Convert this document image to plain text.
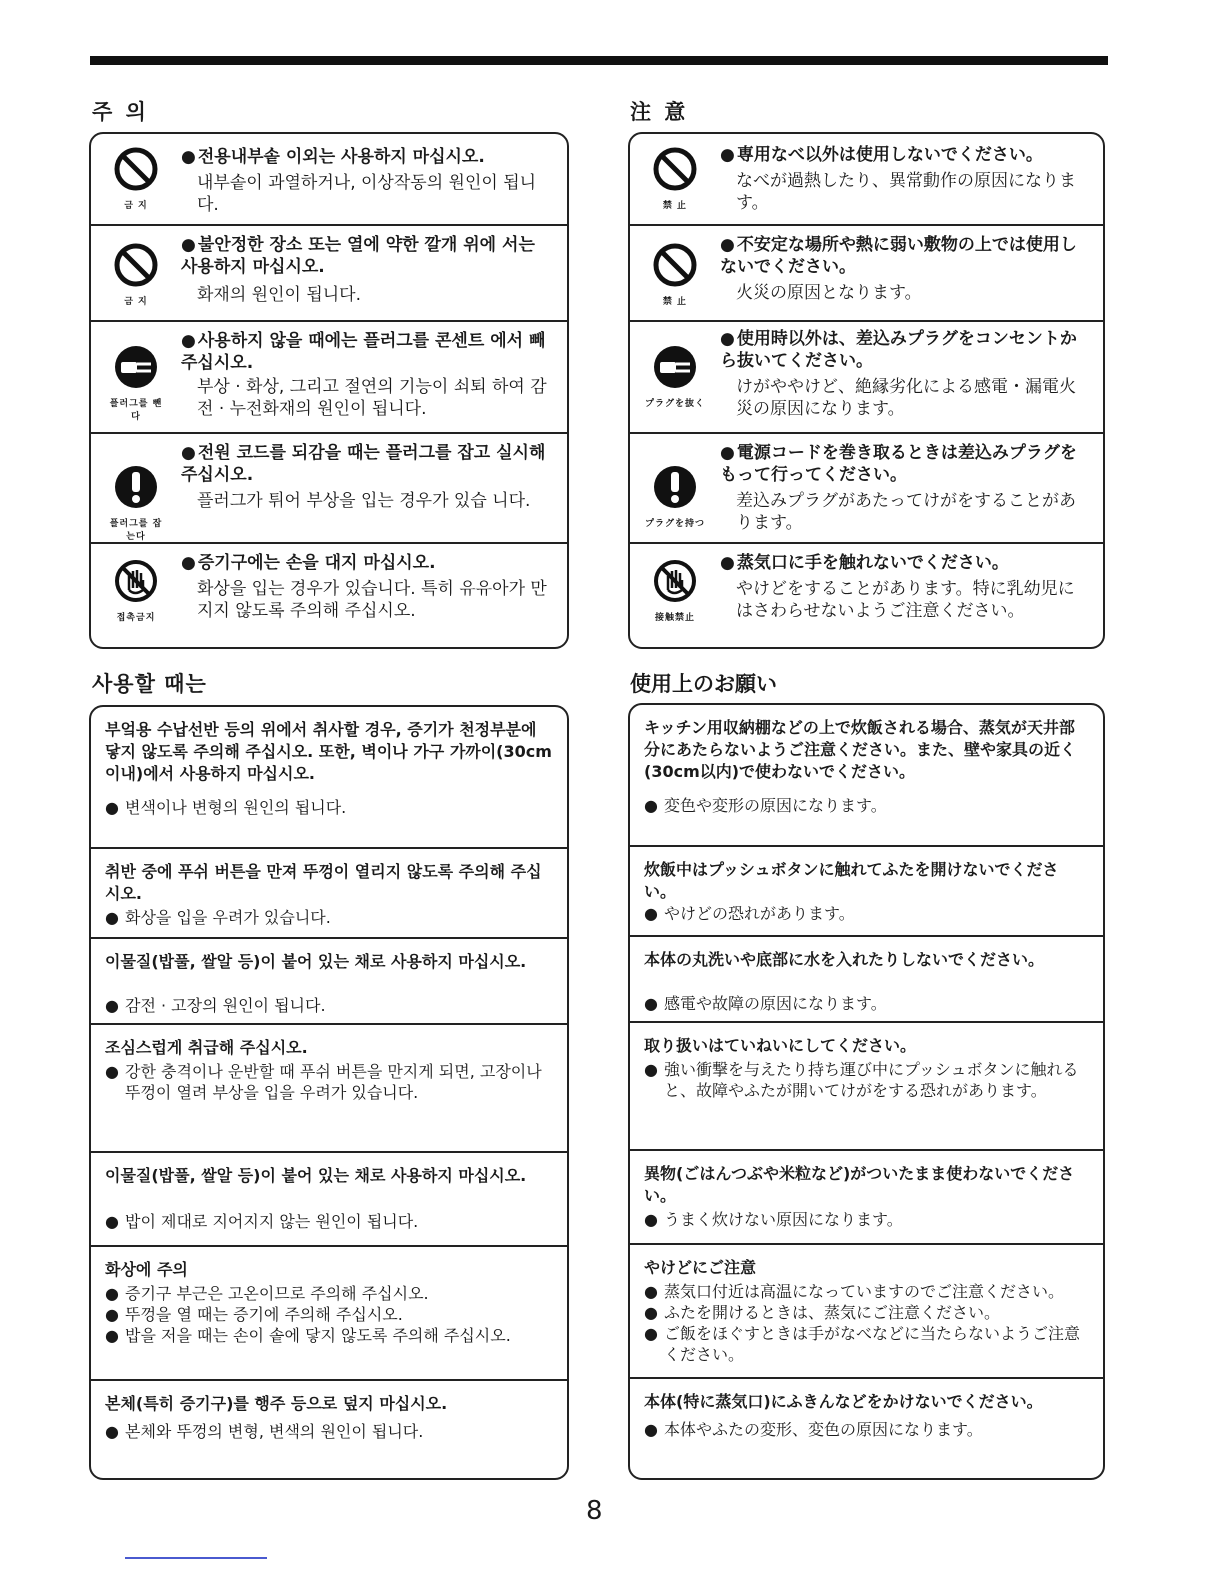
주 의
금 지
● 전용내부솥 이외는 사용하지 마십시오.
내부솥이 과열하거나, 이상작동의 원인이 됩니다.
금 지
● 불안정한 장소 또는 열에 약한 깔개 위에 서는 사용하지 마십시오.
화재의 원인이 됩니다.
플러그를 뺀다
● 사용하지 않을 때에는 플러그를 콘센트 에서 빼 주십시오.
부상 · 화상, 그리고 절연의 기능이 쇠퇴 하여 감전 · 누전화재의 원인이 됩니다.
플러그를 잡는다
● 전원 코드를 되감을 때는 플러그를 잡고 실시해 주십시오.
플러그가 튀어 부상을 입는 경우가 있습 니다.
접촉금지
● 증기구에는 손을 대지 마십시오.
화상을 입는 경우가 있습니다. 특히 유유아가 만지지 않도록 주의해 주십시오.
사용할 때는
부엌용 수납선반 등의 위에서 취사할 경우, 증기가 천정부분에 닿지 않도록 주의해 주십시오. 또한, 벽이나 가구 가까이(30cm 이내)에서 사용하지 마십시오.
● 변색이나 변형의 원인의 됩니다.
취반 중에 푸쉬 버튼을 만져 뚜껑이 열리지 않도록 주의해 주십시오.
● 화상을 입을 우려가 있습니다.
이물질(밥풀, 쌀알 등)이 붙어 있는 채로 사용하지 마십시오.
● 감전 · 고장의 원인이 됩니다.
조심스럽게 취급해 주십시오.
● 강한 충격이나 운반할 때 푸쉬 버튼을 만지게 되면, 고장이나 뚜껑이 열려 부상을 입을 우려가 있습니다.
이물질(밥풀, 쌀알 등)이 붙어 있는 채로 사용하지 마십시오.
● 밥이 제대로 지어지지 않는 원인이 됩니다.
화상에 주의
● 증기구 부근은 고온이므로 주의해 주십시오.
● 뚜껑을 열 때는 증기에 주의해 주십시오.
● 밥을 저을 때는 손이 솥에 닿지 않도록 주의해 주십시오.
본체(특히 증기구)를 행주 등으로 덮지 마십시오.
● 본체와 뚜껑의 변형, 변색의 원인이 됩니다.
注 意
禁 止
● 専用なべ以外は使用しないでください。
なべが過熱したり、異常動作の原因になります。
禁 止
● 不安定な場所や熱に弱い敷物の上では使用しないでください。
火災の原因となります。
プラグを抜く
● 使用時以外は、差込みプラグをコンセントから抜いてください。
けがややけど、絶縁劣化による感電・漏電火災の原因になります。
プラグを持つ
● 電源コードを巻き取るときは差込みプラグをもって行ってください。
差込みプラグがあたってけがをすることがあります。
接触禁止
● 蒸気口に手を触れないでください。
やけどをすることがあります。特に乳幼児にはさわらせないようご注意ください。
使用上のお願い
キッチン用収納棚などの上で炊飯される場合、蒸気が天井部分にあたらないようご注意ください。また、壁や家具の近く(30cm以内)で使わないでください。
● 変色や変形の原因になります。
炊飯中はプッシュボタンに触れてふたを開けないでください。
● やけどの恐れがあります。
本体の丸洗いや底部に水を入れたりしないでください。
● 感電や故障の原因になります。
取り扱いはていねいにしてください。
● 強い衝撃を与えたり持ち運び中にプッシュボタンに触れると、故障やふたが開いてけがをする恐れがあります。
異物(ごはんつぶや米粒など)がついたまま使わないでください。
● うまく炊けない原因になります。
やけどにご注意
● 蒸気口付近は高温になっていますのでご注意ください。
● ふたを開けるときは、蒸気にご注意ください。
● ご飯をほぐすときは手がなべなどに当たらないようご注意ください。
本体(特に蒸気口)にふきんなどをかけないでください。
● 本体やふたの変形、変色の原因になります。
8
